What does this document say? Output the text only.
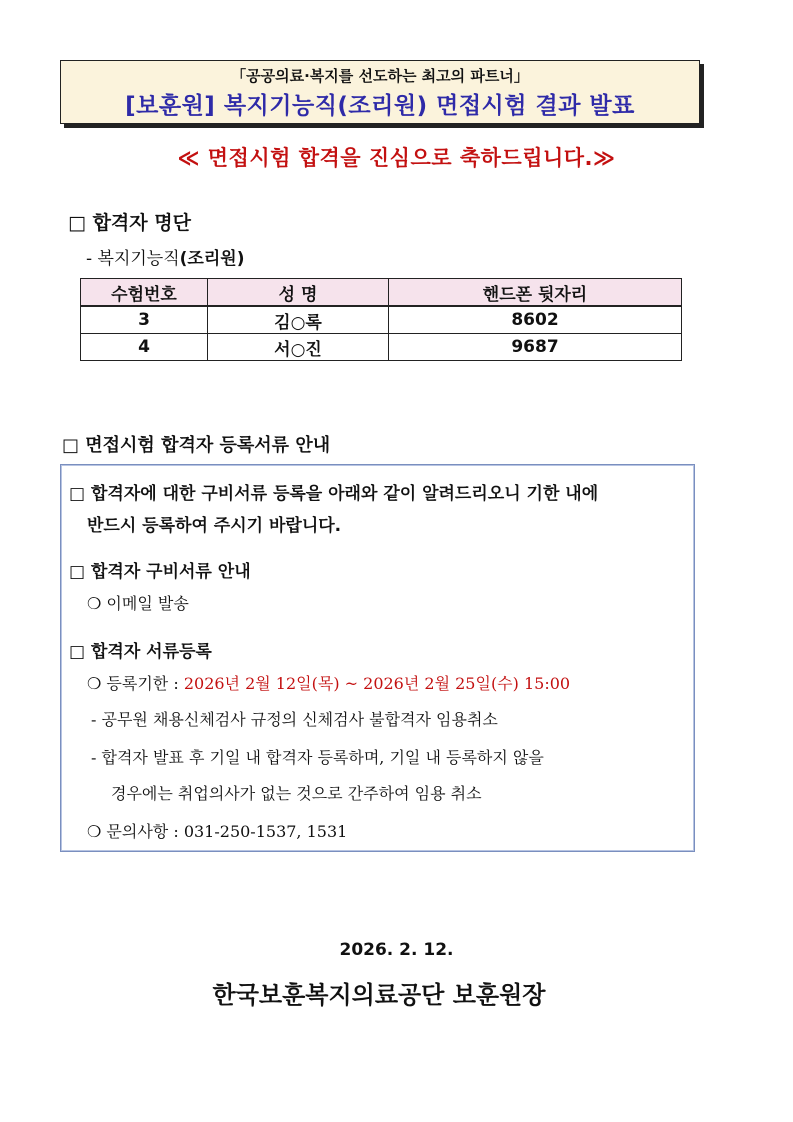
「공공의료·복지를 선도하는 최고의 파트너」
[보훈원] 복지기능직(조리원) 면접시험 결과 발표
≪ 면접시험 합격을 진심으로 축하드립니다.≫
□ 합격자 명단
- 복지기능직(조리원)
수험번호	성 명	핸드폰 뒷자리
3	김○록	8602
4	서○진	9687
□ 면접시험 합격자 등록서류 안내
□ 합격자에 대한 구비서류 등록을 아래와 같이 알려드리오니 기한 내에
반드시 등록하여 주시기 바랍니다.
□ 합격자 구비서류 안내
❍ 이메일 발송
□ 합격자 서류등록
❍ 등록기한 : 2026년 2월 12일(목) ~ 2026년 2월 25일(수) 15:00
- 공무원 채용신체검사 규정의 신체검사 불합격자 임용취소
- 합격자 발표 후 기일 내 합격자 등록하며, 기일 내 등록하지 않을
경우에는 취업의사가 없는 것으로 간주하여 임용 취소
❍ 문의사항 : 031-250-1537, 1531
2026. 2. 12.
한국보훈복지의료공단 보훈원장
